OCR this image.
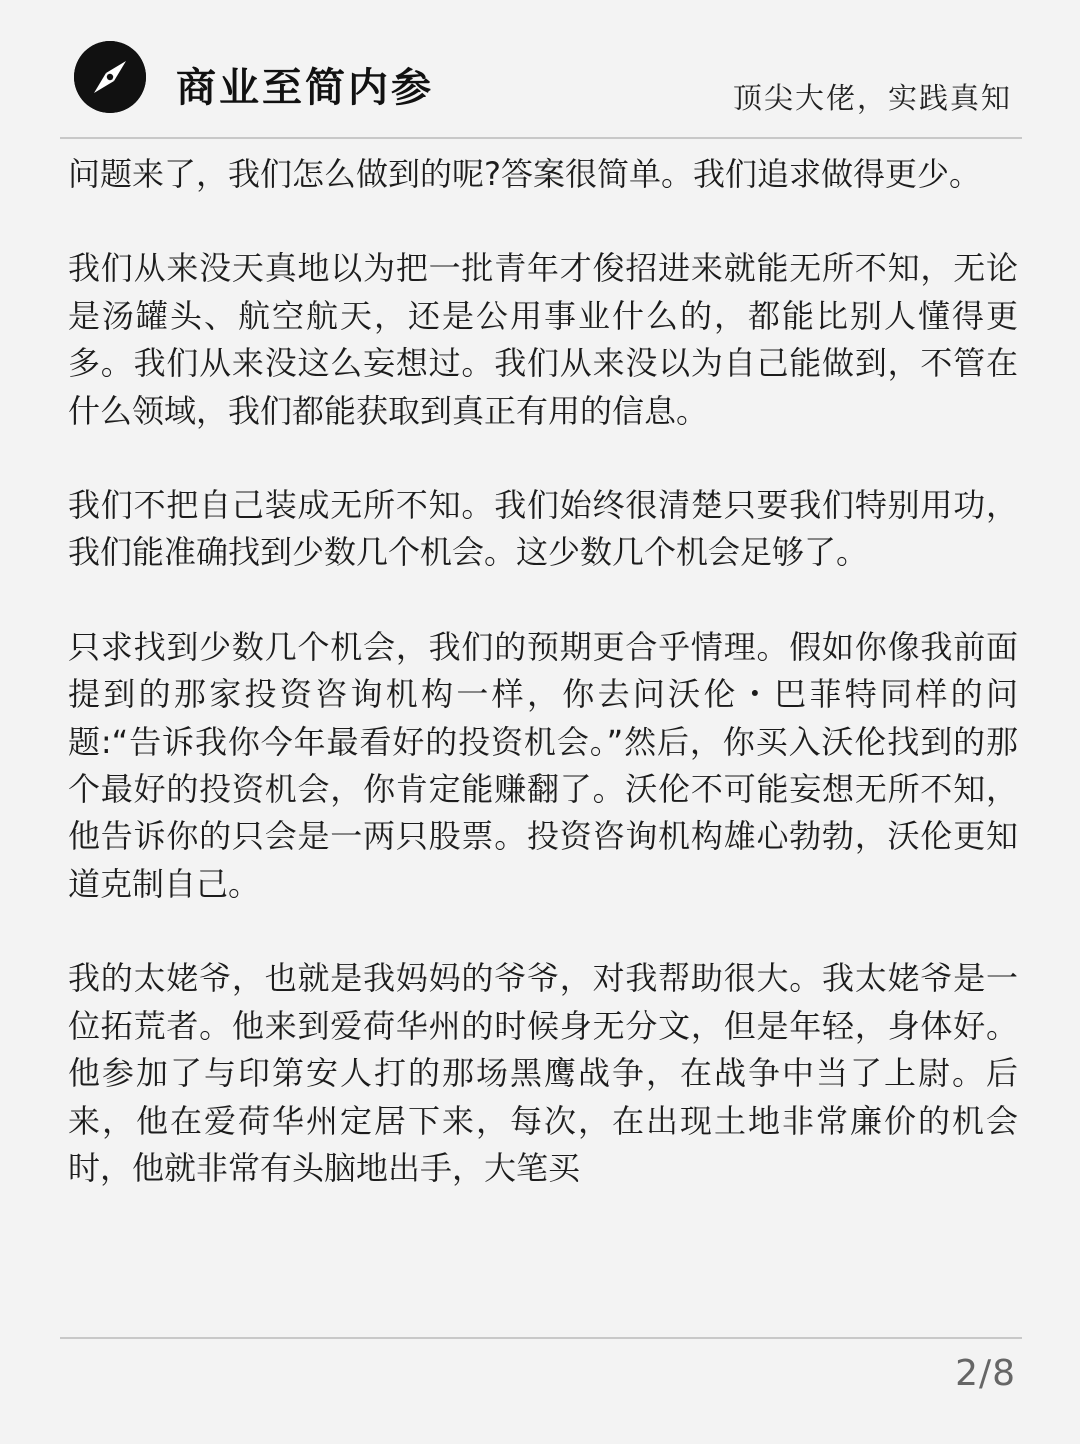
商业至简内参	顶尖大佬，实践真知

问题来了，我们怎么做到的呢?答案很简单。我们追求做得更少。

我们从来没天真地以为把一批青年才俊招进来就能无所不知，无论是汤罐头、航空航天，还是公用事业什么的，都能比别人懂得更多。我们从来没这么妄想过。我们从来没以为自己能做到，不管在什么领域，我们都能获取到真正有用的信息。

我们不把自己装成无所不知。我们始终很清楚只要我们特别用功，我们能准确找到少数几个机会。这少数几个机会足够了。

只求找到少数几个机会，我们的预期更合乎情理。假如你像我前面提到的那家投资咨询机构一样，你去问沃伦・巴菲特同样的问题:“告诉我你今年最看好的投资机会。”然后，你买入沃伦找到的那个最好的投资机会，你肯定能赚翻了。沃伦不可能妄想无所不知，他告诉你的只会是一两只股票。投资咨询机构雄心勃勃，沃伦更知道克制自己。

我的太姥爷，也就是我妈妈的爷爷，对我帮助很大。我太姥爷是一位拓荒者。他来到爱荷华州的时候身无分文，但是年轻，身体好。他参加了与印第安人打的那场黑鹰战争，在战争中当了上尉。后来，他在爱荷华州定居下来，每次，在出现土地非常廉价的机会时，他就非常有头脑地出手，大笔买

2/8
